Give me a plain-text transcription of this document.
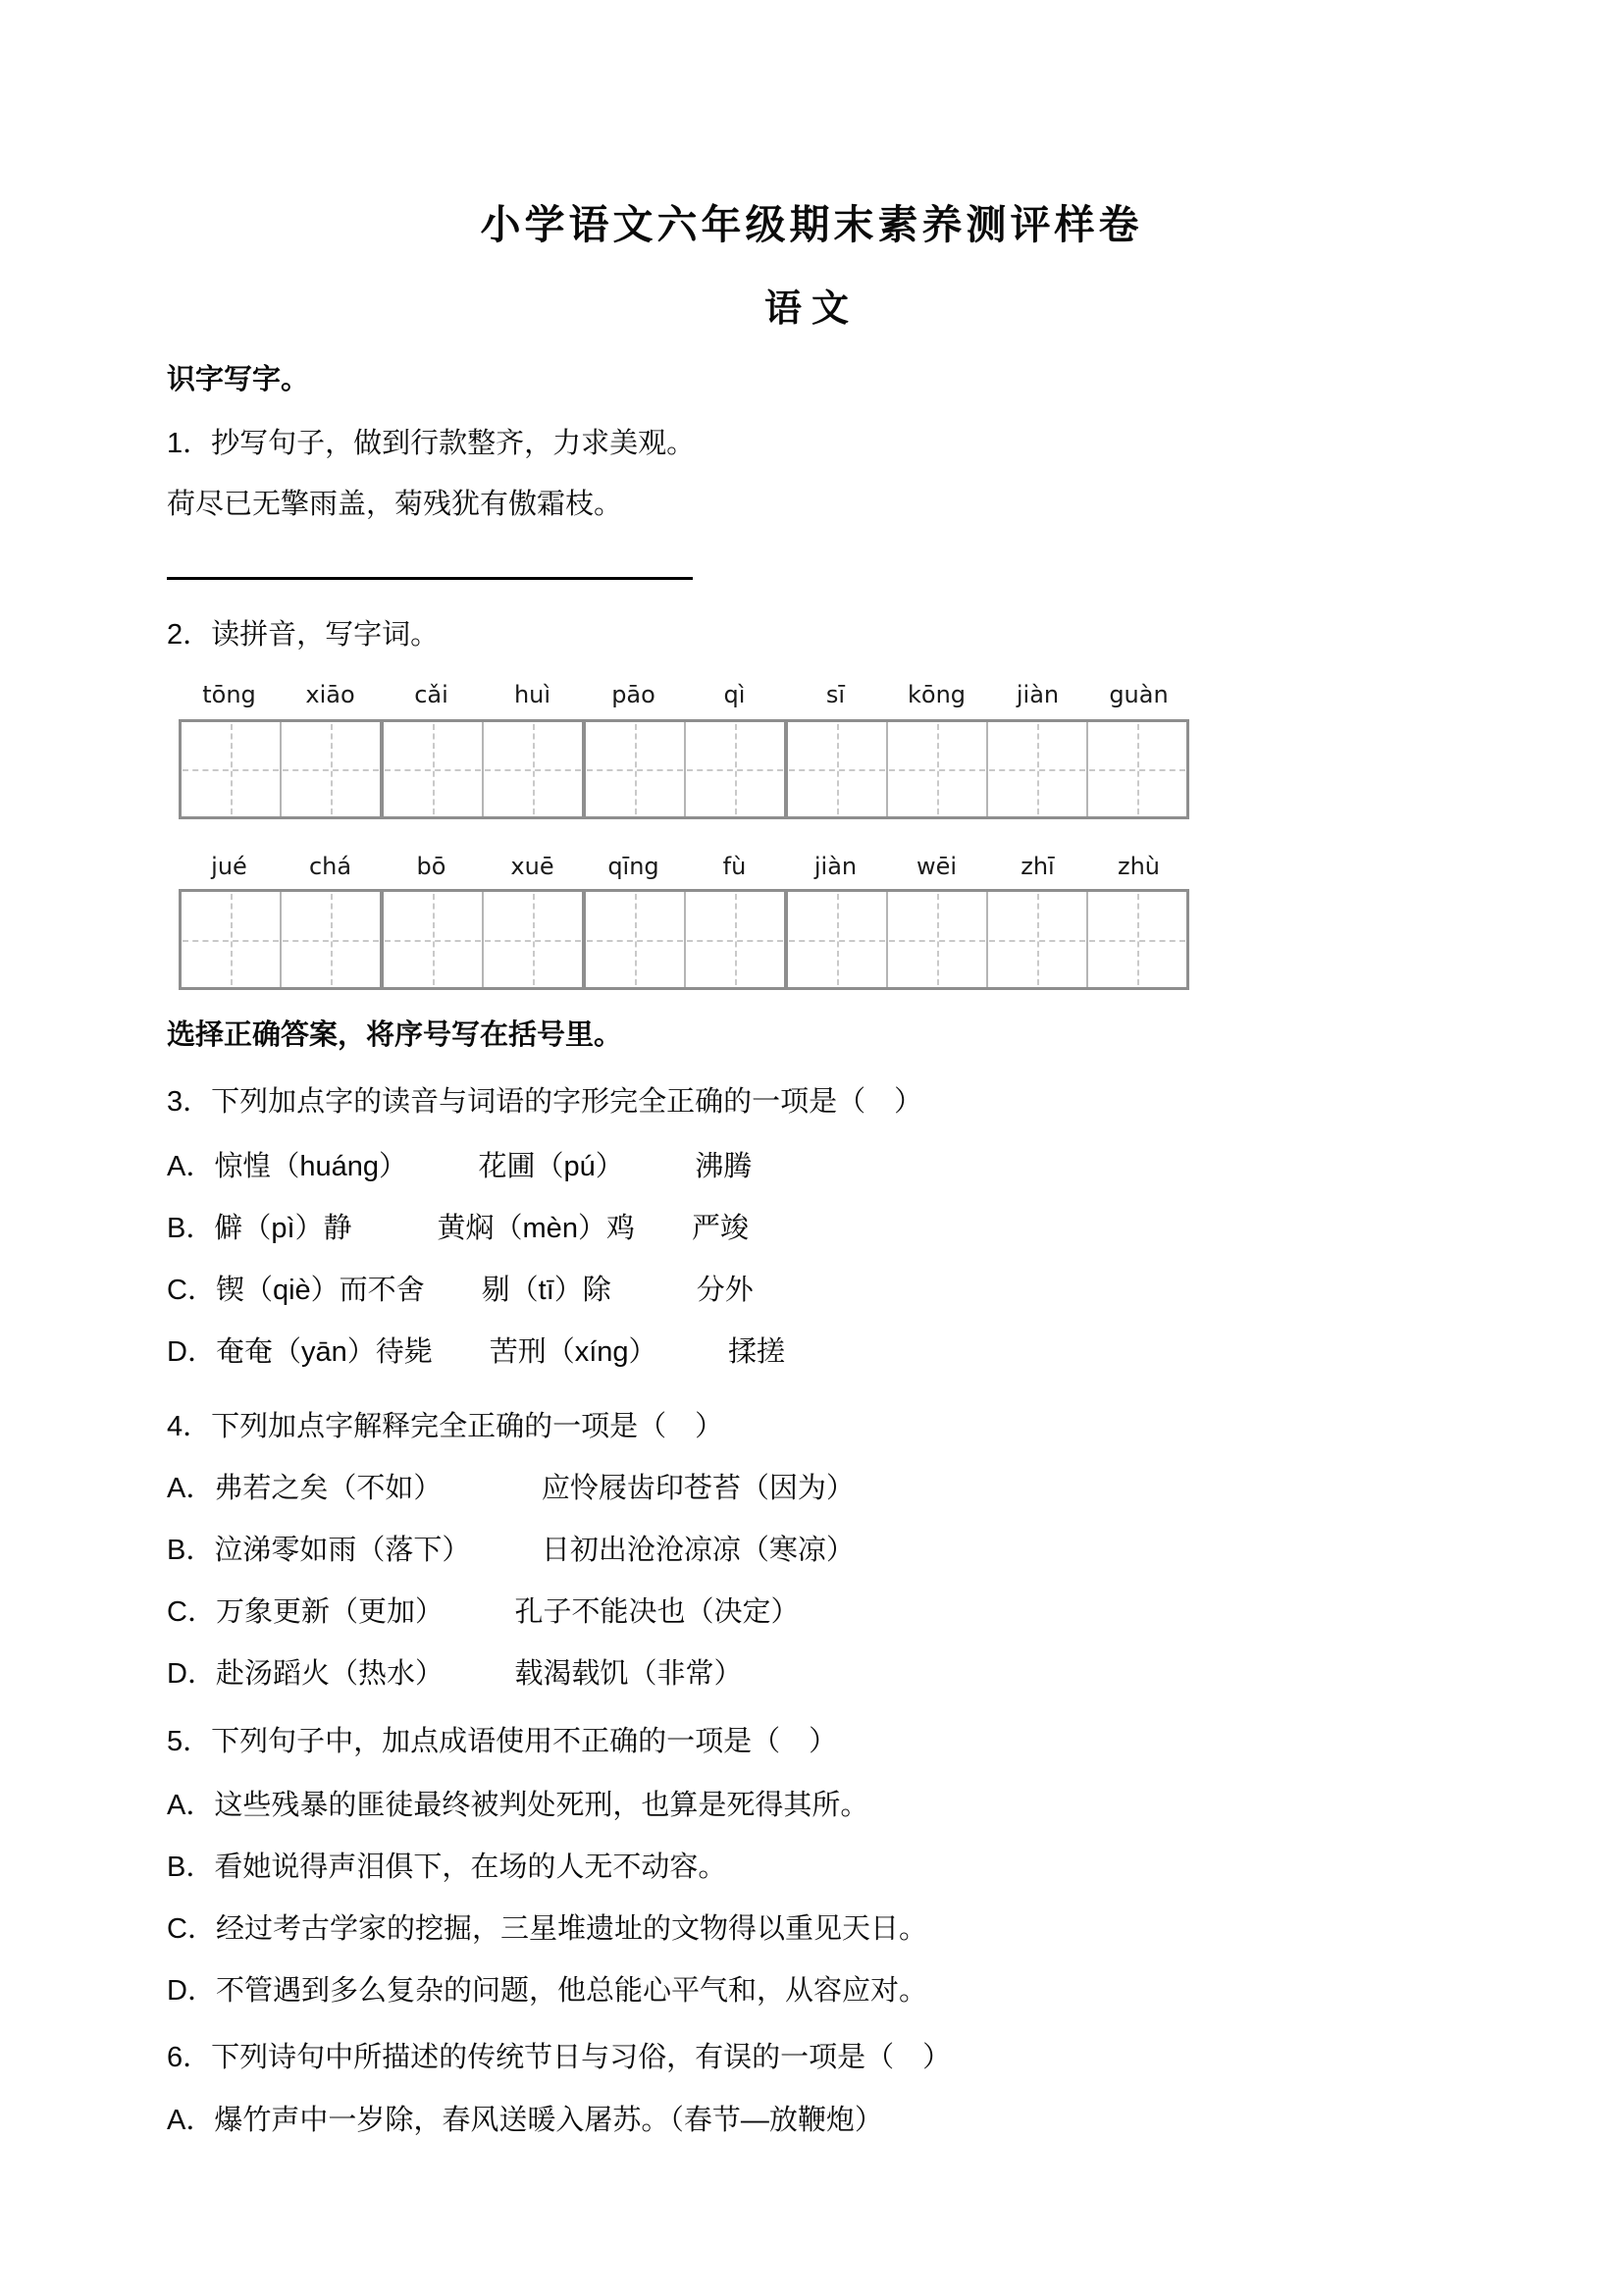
小学语文六年级期末素养测评样卷
语文
识字写字。
1．抄写句子，做到行款整齐，力求美观。
荷尽已无擎雨盖，菊残犹有傲霜枝。
2．读拼音，写字词。
tōng	xiāo	cǎi	huì	pāo	qì	sī	kōng	jiàn	guàn
jué	chá	bō	xuē	qīng	fù	jiàn	wēi	zhī	zhù
选择正确答案，将序号写在括号里。
3．下列加点字的读音与词语的字形完全正确的一项是（　）
A．惊惶（huáng）　　　花圃（pú）　　　沸腾
B．僻（pì）静　　　黄焖（mèn）鸡　　严竣
C．锲（qiè）而不舍　　剔（tī）除　　　分外
D．奄奄（yān）待毙　　苦刑（xíng）　　　揉搓
4．下列加点字解释完全正确的一项是（　）
A．弗若之矣（不如）　　　　应怜屐齿印苍苔（因为）
B．泣涕零如雨（落下）　　　日初出沧沧凉凉（寒凉）
C．万象更新（更加）　　　孔子不能决也（决定）
D．赴汤蹈火（热水）　　　载渴载饥（非常）
5．下列句子中，加点成语使用不正确的一项是（　）
A．这些残暴的匪徒最终被判处死刑，也算是死得其所。
B．看她说得声泪俱下，在场的人无不动容。
C．经过考古学家的挖掘，三星堆遗址的文物得以重见天日。
D．不管遇到多么复杂的问题，他总能心平气和，从容应对。
6．下列诗句中所描述的传统节日与习俗，有误的一项是（　）
A．爆竹声中一岁除，春风送暖入屠苏。（春节—放鞭炮）
